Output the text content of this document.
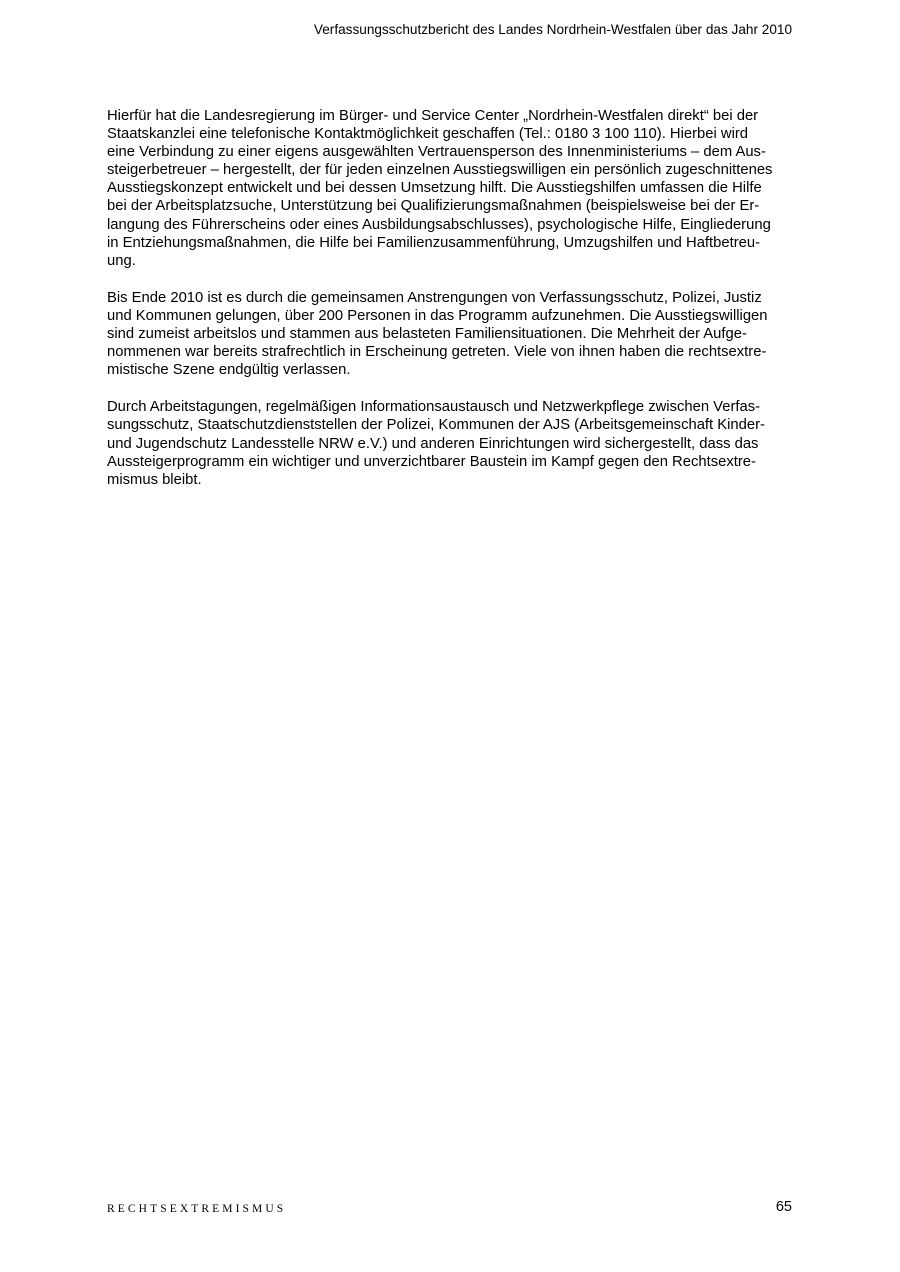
Verfassungsschutzbericht des Landes Nordrhein-Westfalen über das Jahr 2010

Hierfür hat die Landesregierung im Bürger- und Service Center „Nordrhein-Westfalen direkt“ bei der
Staatskanzlei eine telefonische Kontaktmöglichkeit geschaffen (Tel.: 0180 3 100 110). Hierbei wird
eine Verbindung zu einer eigens ausgewählten Vertrauensperson des Innenministeriums – dem Aus-
steigerbetreuer – hergestellt, der für jeden einzelnen Ausstiegswilligen ein persönlich zugeschnittenes
Ausstiegskonzept entwickelt und bei dessen Umsetzung hilft. Die Ausstiegshilfen umfassen die Hilfe
bei der Arbeitsplatzsuche, Unterstützung bei Qualifizierungsmaßnahmen (beispielsweise bei der Er-
langung des Führerscheins oder eines Ausbildungsabschlusses), psychologische Hilfe, Eingliederung
in Entziehungsmaßnahmen, die Hilfe bei Familienzusammenführung, Umzugshilfen und Haftbetreu-
ung.

Bis Ende 2010 ist es durch die gemeinsamen Anstrengungen von Verfassungsschutz, Polizei, Justiz
und Kommunen gelungen, über 200 Personen in das Programm aufzunehmen. Die Ausstiegswilligen
sind zumeist arbeitslos und stammen aus belasteten Familiensituationen. Die Mehrheit der Aufge-
nommenen war bereits strafrechtlich in Erscheinung getreten. Viele von ihnen haben die rechtsextre-
mistische Szene endgültig verlassen.

Durch Arbeitstagungen, regelmäßigen Informationsaustausch und Netzwerkpflege zwischen Verfas-
sungsschutz, Staatschutzdienststellen der Polizei, Kommunen der AJS (Arbeitsgemeinschaft Kinder-
und Jugendschutz Landesstelle NRW e.V.) und anderen Einrichtungen wird sichergestellt, dass das
Aussteigerprogramm ein wichtiger und unverzichtbarer Baustein im Kampf gegen den Rechtsextre-
mismus bleibt.

RECHTSEXTREMISMUS	65
